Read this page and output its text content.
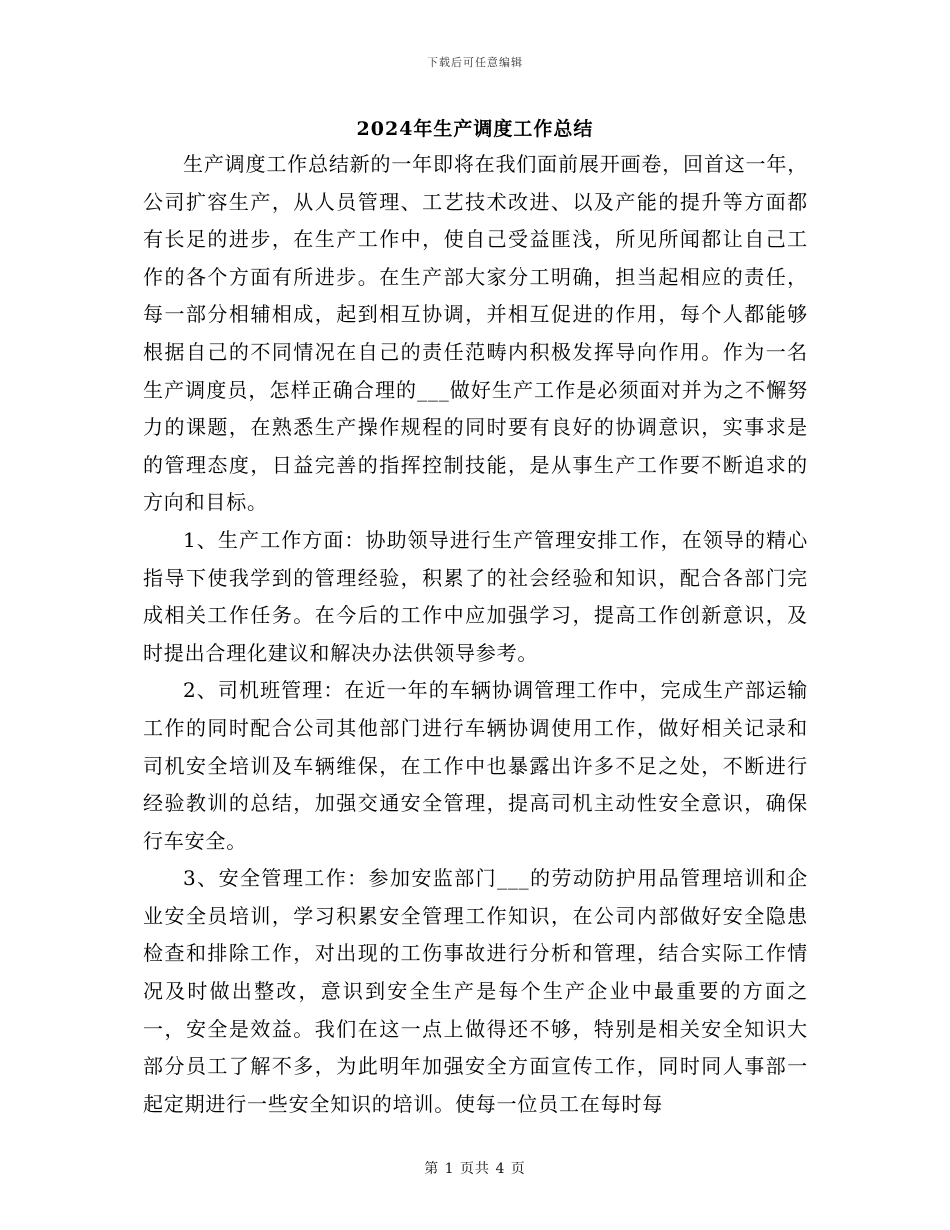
下载后可任意编辑
2024年生产调度工作总结

生产调度工作总结新的一年即将在我们面前展开画卷，回首这一年，公司扩容生产，从人员管理、工艺技术改进、以及产能的提升等方面都有长足的进步，在生产工作中，使自己受益匪浅，所见所闻都让自己工作的各个方面有所进步。在生产部大家分工明确，担当起相应的责任，每一部分相辅相成，起到相互协调，并相互促进的作用，每个人都能够根据自己的不同情况在自己的责任范畴内积极发挥导向作用。作为一名生产调度员，怎样正确合理的___做好生产工作是必须面对并为之不懈努力的课题，在熟悉生产操作规程的同时要有良好的协调意识，实事求是的管理态度，日益完善的指挥控制技能，是从事生产工作要不断追求的方向和目标。

1、生产工作方面：协助领导进行生产管理安排工作，在领导的精心指导下使我学到的管理经验，积累了的社会经验和知识，配合各部门完成相关工作任务。在今后的工作中应加强学习，提高工作创新意识，及时提出合理化建议和解决办法供领导参考。

2、司机班管理：在近一年的车辆协调管理工作中，完成生产部运输工作的同时配合公司其他部门进行车辆协调使用工作，做好相关记录和司机安全培训及车辆维保，在工作中也暴露出许多不足之处，不断进行经验教训的总结，加强交通安全管理，提高司机主动性安全意识，确保行车安全。

3、安全管理工作：参加安监部门___的劳动防护用品管理培训和企业安全员培训，学习积累安全管理工作知识，在公司内部做好安全隐患检查和排除工作，对出现的工伤事故进行分析和管理，结合实际工作情况及时做出整改，意识到安全生产是每个生产企业中最重要的方面之一，安全是效益。我们在这一点上做得还不够，特别是相关安全知识大部分员工了解不多，为此明年加强安全方面宣传工作，同时同人事部一起定期进行一些安全知识的培训。使每一位员工在每时每

第 1 页共 4 页
